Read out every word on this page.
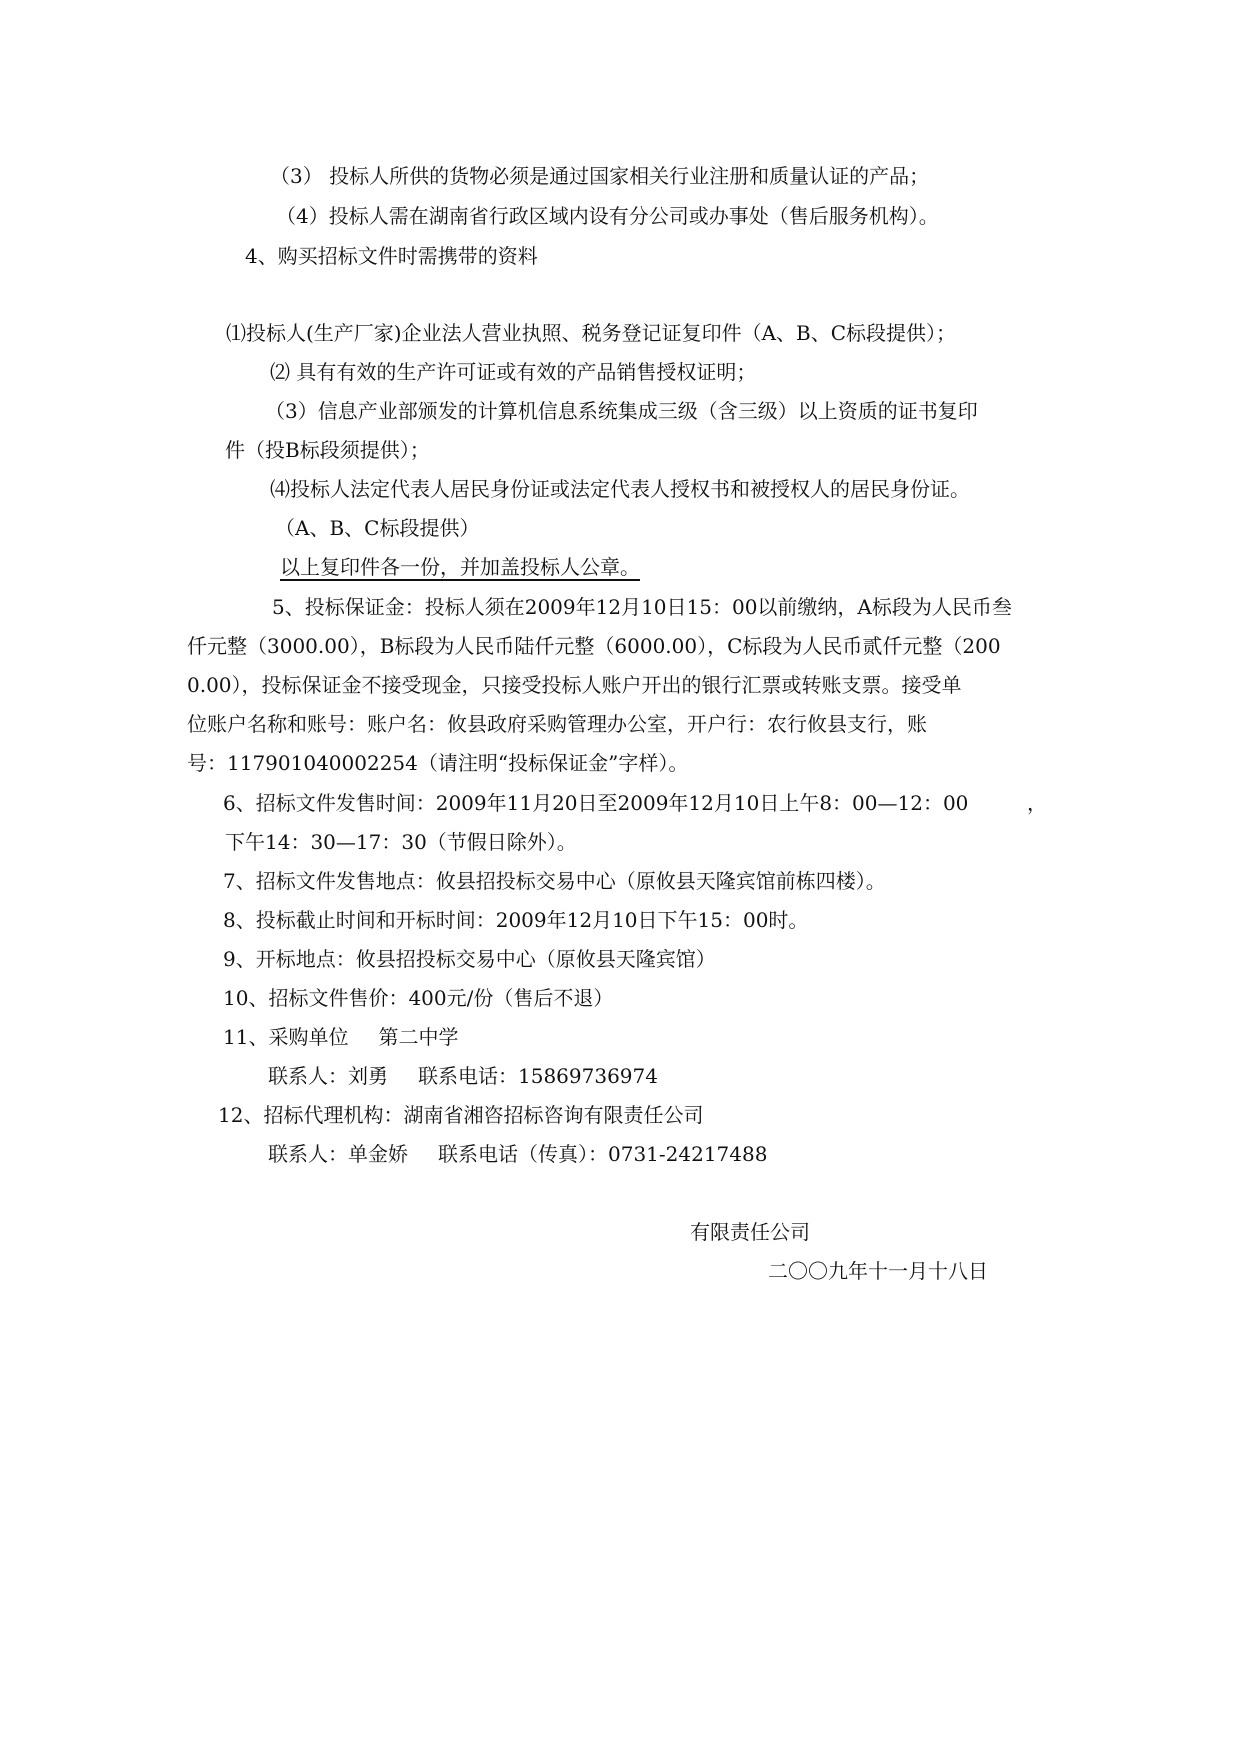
（3） 投标人所供的货物必须是通过国家相关行业注册和质量认证的产品；

（4）投标人需在湖南省行政区域内设有分公司或办事处（售后服务机构）。

4、购买招标文件时需携带的资料

⑴投标人(生产厂家)企业法人营业执照、税务登记证复印件（A、B、C标段提供）；

⑵ 具有有效的生产许可证或有效的产品销售授权证明；

（3）信息产业部颁发的计算机信息系统集成三级（含三级）以上资质的证书复印

件（投B标段须提供）；

⑷投标人法定代表人居民身份证或法定代表人授权书和被授权人的居民身份证。

（A、B、C标段提供）

以上复印件各一份，并加盖投标人公章。

5、投标保证金：投标人须在2009年12月10日15：00以前缴纳，A标段为人民币叁

仟元整（3000.00），B标段为人民币陆仟元整（6000.00），C标段为人民币贰仟元整（200

0.00），投标保证金不接受现金，只接受投标人账户开出的银行汇票或转账支票。接受单

位账户名称和账号：账户名：攸县政府采购管理办公室，开户行：农行攸县支行，账

号：117901040002254（请注明“投标保证金”字样）。

6、招标文件发售时间：2009年11月20日至2009年12月10日上午8：00—12：00	，

下午14：30—17：30（节假日除外）。

7、招标文件发售地点：攸县招投标交易中心（原攸县天隆宾馆前栋四楼）。

8、投标截止时间和开标时间：2009年12月10日下午15：00时。

9、开标地点：攸县招投标交易中心（原攸县天隆宾馆）

10、招标文件售价：400元/份（售后不退）

11、采购单位 第二中学

联系人：刘勇 联系电话：15869736974

12、招标代理机构：湖南省湘咨招标咨询有限责任公司

联系人：单金娇 联系电话（传真）：0731-24217488

有限责任公司

二〇〇九年十一月十八日
